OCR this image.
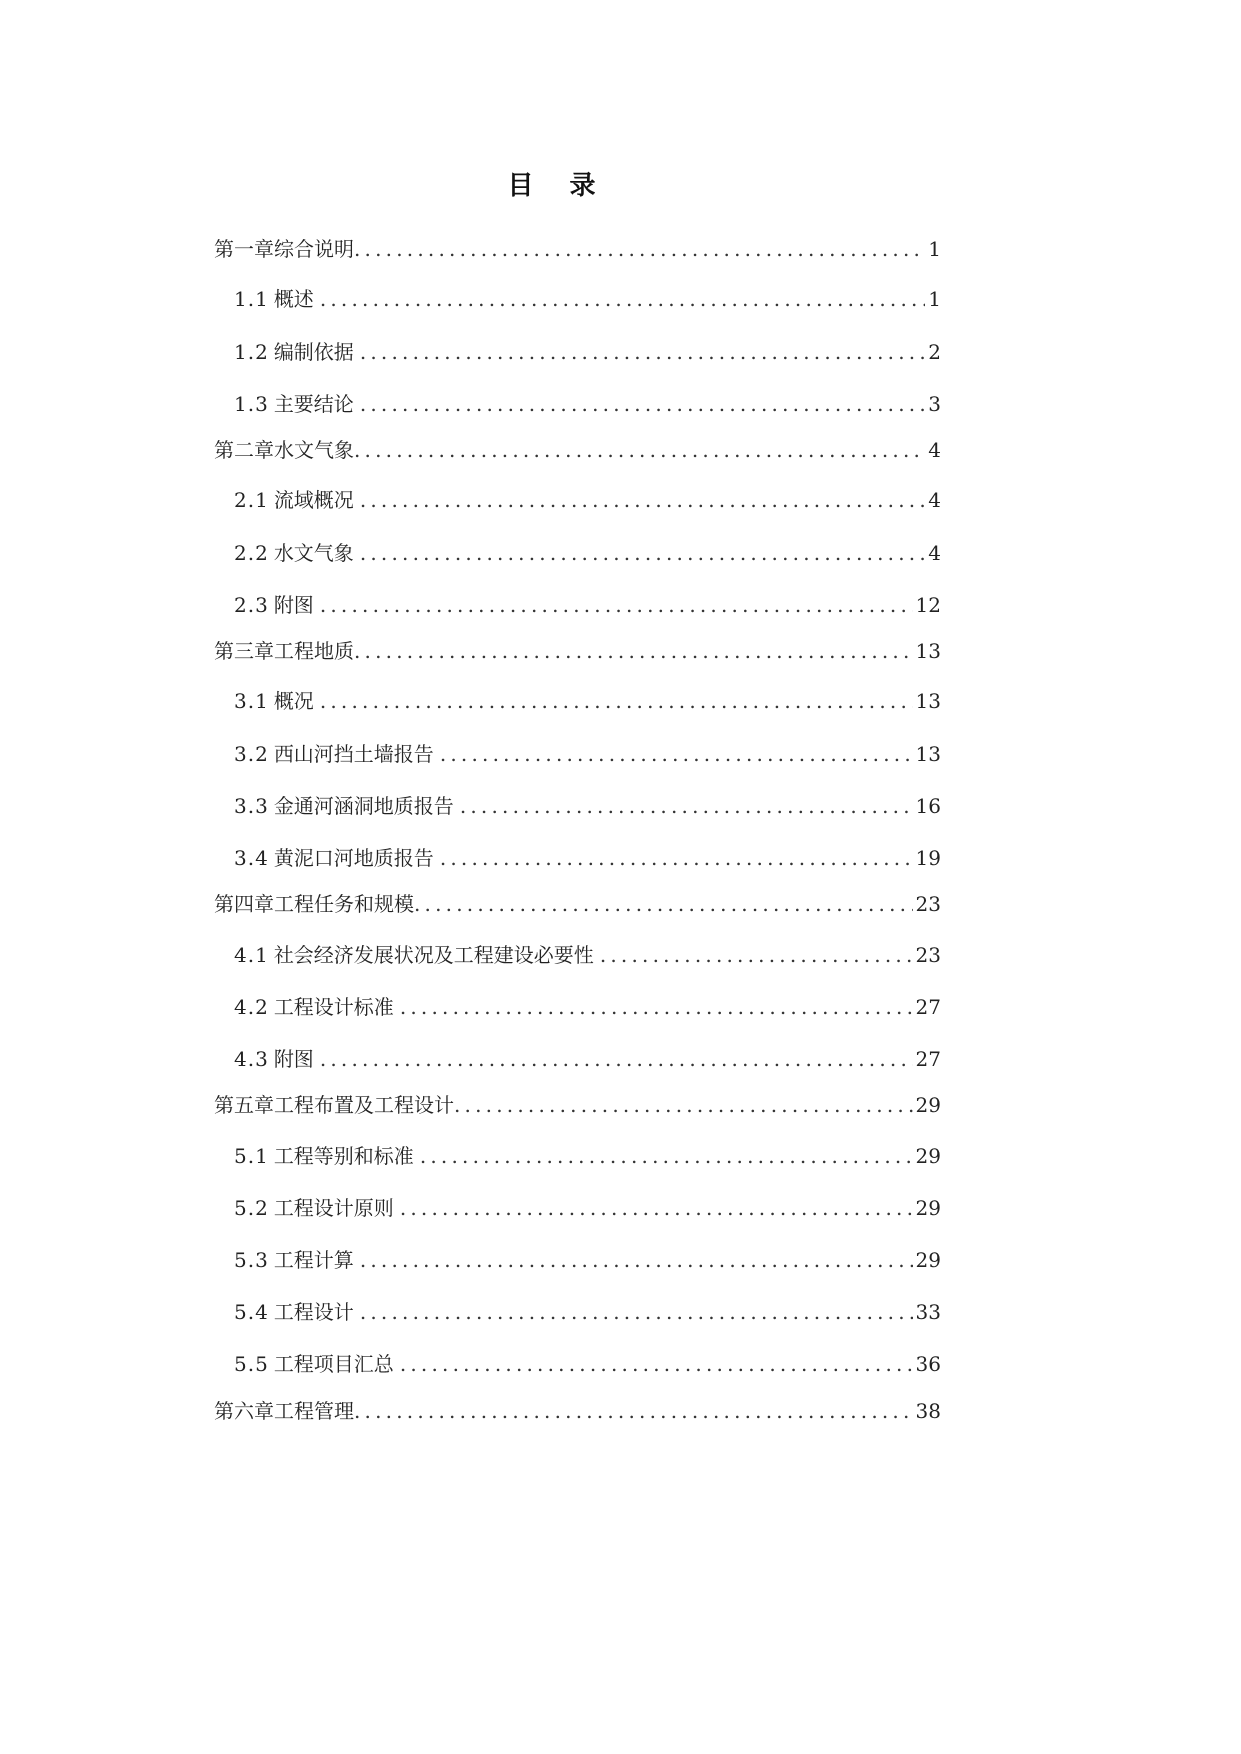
目 录
第一章 综合说明 .....	1
1.1 概述 .....	1
1.2 编制依据 .....	2
1.3 主要结论 .....	3
第二章 水文气象 .....	4
2.1 流域概况 .....	4
2.2 水文气象 .....	4
2.3 附图 .....	12
第三章 工程地质 .....	13
3.1 概况 .....	13
3.2 西山河挡土墙报告 .....	13
3.3 金通河涵洞地质报告 .....	16
3.4 黄泥口河地质报告 .....	19
第四章 工程任务和规模 .....	23
4.1 社会经济发展状况及工程建设必要性 .....	23
4.2 工程设计标准 .....	27
4.3 附图 .....	27
第五章 工程布置及工程设计 .....	29
5.1 工程等别和标准 .....	29
5.2 工程设计原则 .....	29
5.3 工程计算 .....	29
5.4 工程设计 .....	33
5.5 工程项目汇总 .....	36
第六章 工程管理 .....	38
